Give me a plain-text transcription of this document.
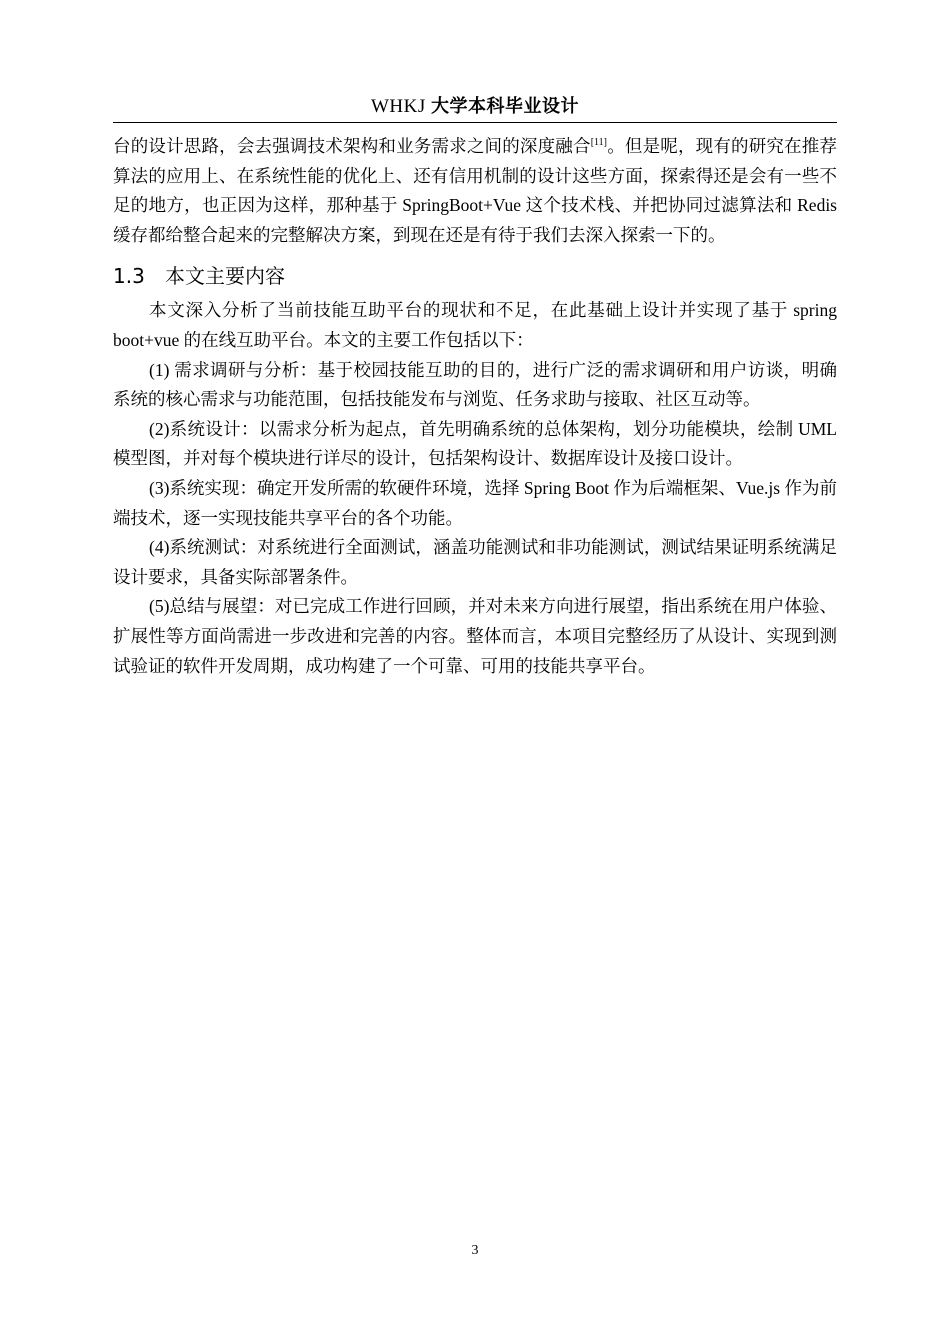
WHKJ 大学本科毕业设计

台的设计思路，会去强调技术架构和业务需求之间的深度融合[11]。但是呢，现有的研究在推荐算法的应用上、在系统性能的优化上、还有信用机制的设计这些方面，探索得还是会有一些不足的地方，也正因为这样，那种基于 SpringBoot+Vue 这个技术栈、并把协同过滤算法和 Redis 缓存都给整合起来的完整解决方案，到现在还是有待于我们去深入探索一下的。

1.3 本文主要内容

本文深入分析了当前技能互助平台的现状和不足，在此基础上设计并实现了基于 spring boot+vue 的在线互助平台。本文的主要工作包括以下：

(1) 需求调研与分析：基于校园技能互助的目的，进行广泛的需求调研和用户访谈，明确系统的核心需求与功能范围，包括技能发布与浏览、任务求助与接取、社区互动等。

(2)系统设计：以需求分析为起点，首先明确系统的总体架构，划分功能模块，绘制 UML 模型图，并对每个模块进行详尽的设计，包括架构设计、数据库设计及接口设计。

(3)系统实现：确定开发所需的软硬件环境，选择 Spring Boot 作为后端框架、Vue.js 作为前端技术，逐一实现技能共享平台的各个功能。

(4)系统测试：对系统进行全面测试，涵盖功能测试和非功能测试，测试结果证明系统满足设计要求，具备实际部署条件。

(5)总结与展望：对已完成工作进行回顾，并对未来方向进行展望，指出系统在用户体验、扩展性等方面尚需进一步改进和完善的内容。整体而言，本项目完整经历了从设计、实现到测试验证的软件开发周期，成功构建了一个可靠、可用的技能共享平台。

3
